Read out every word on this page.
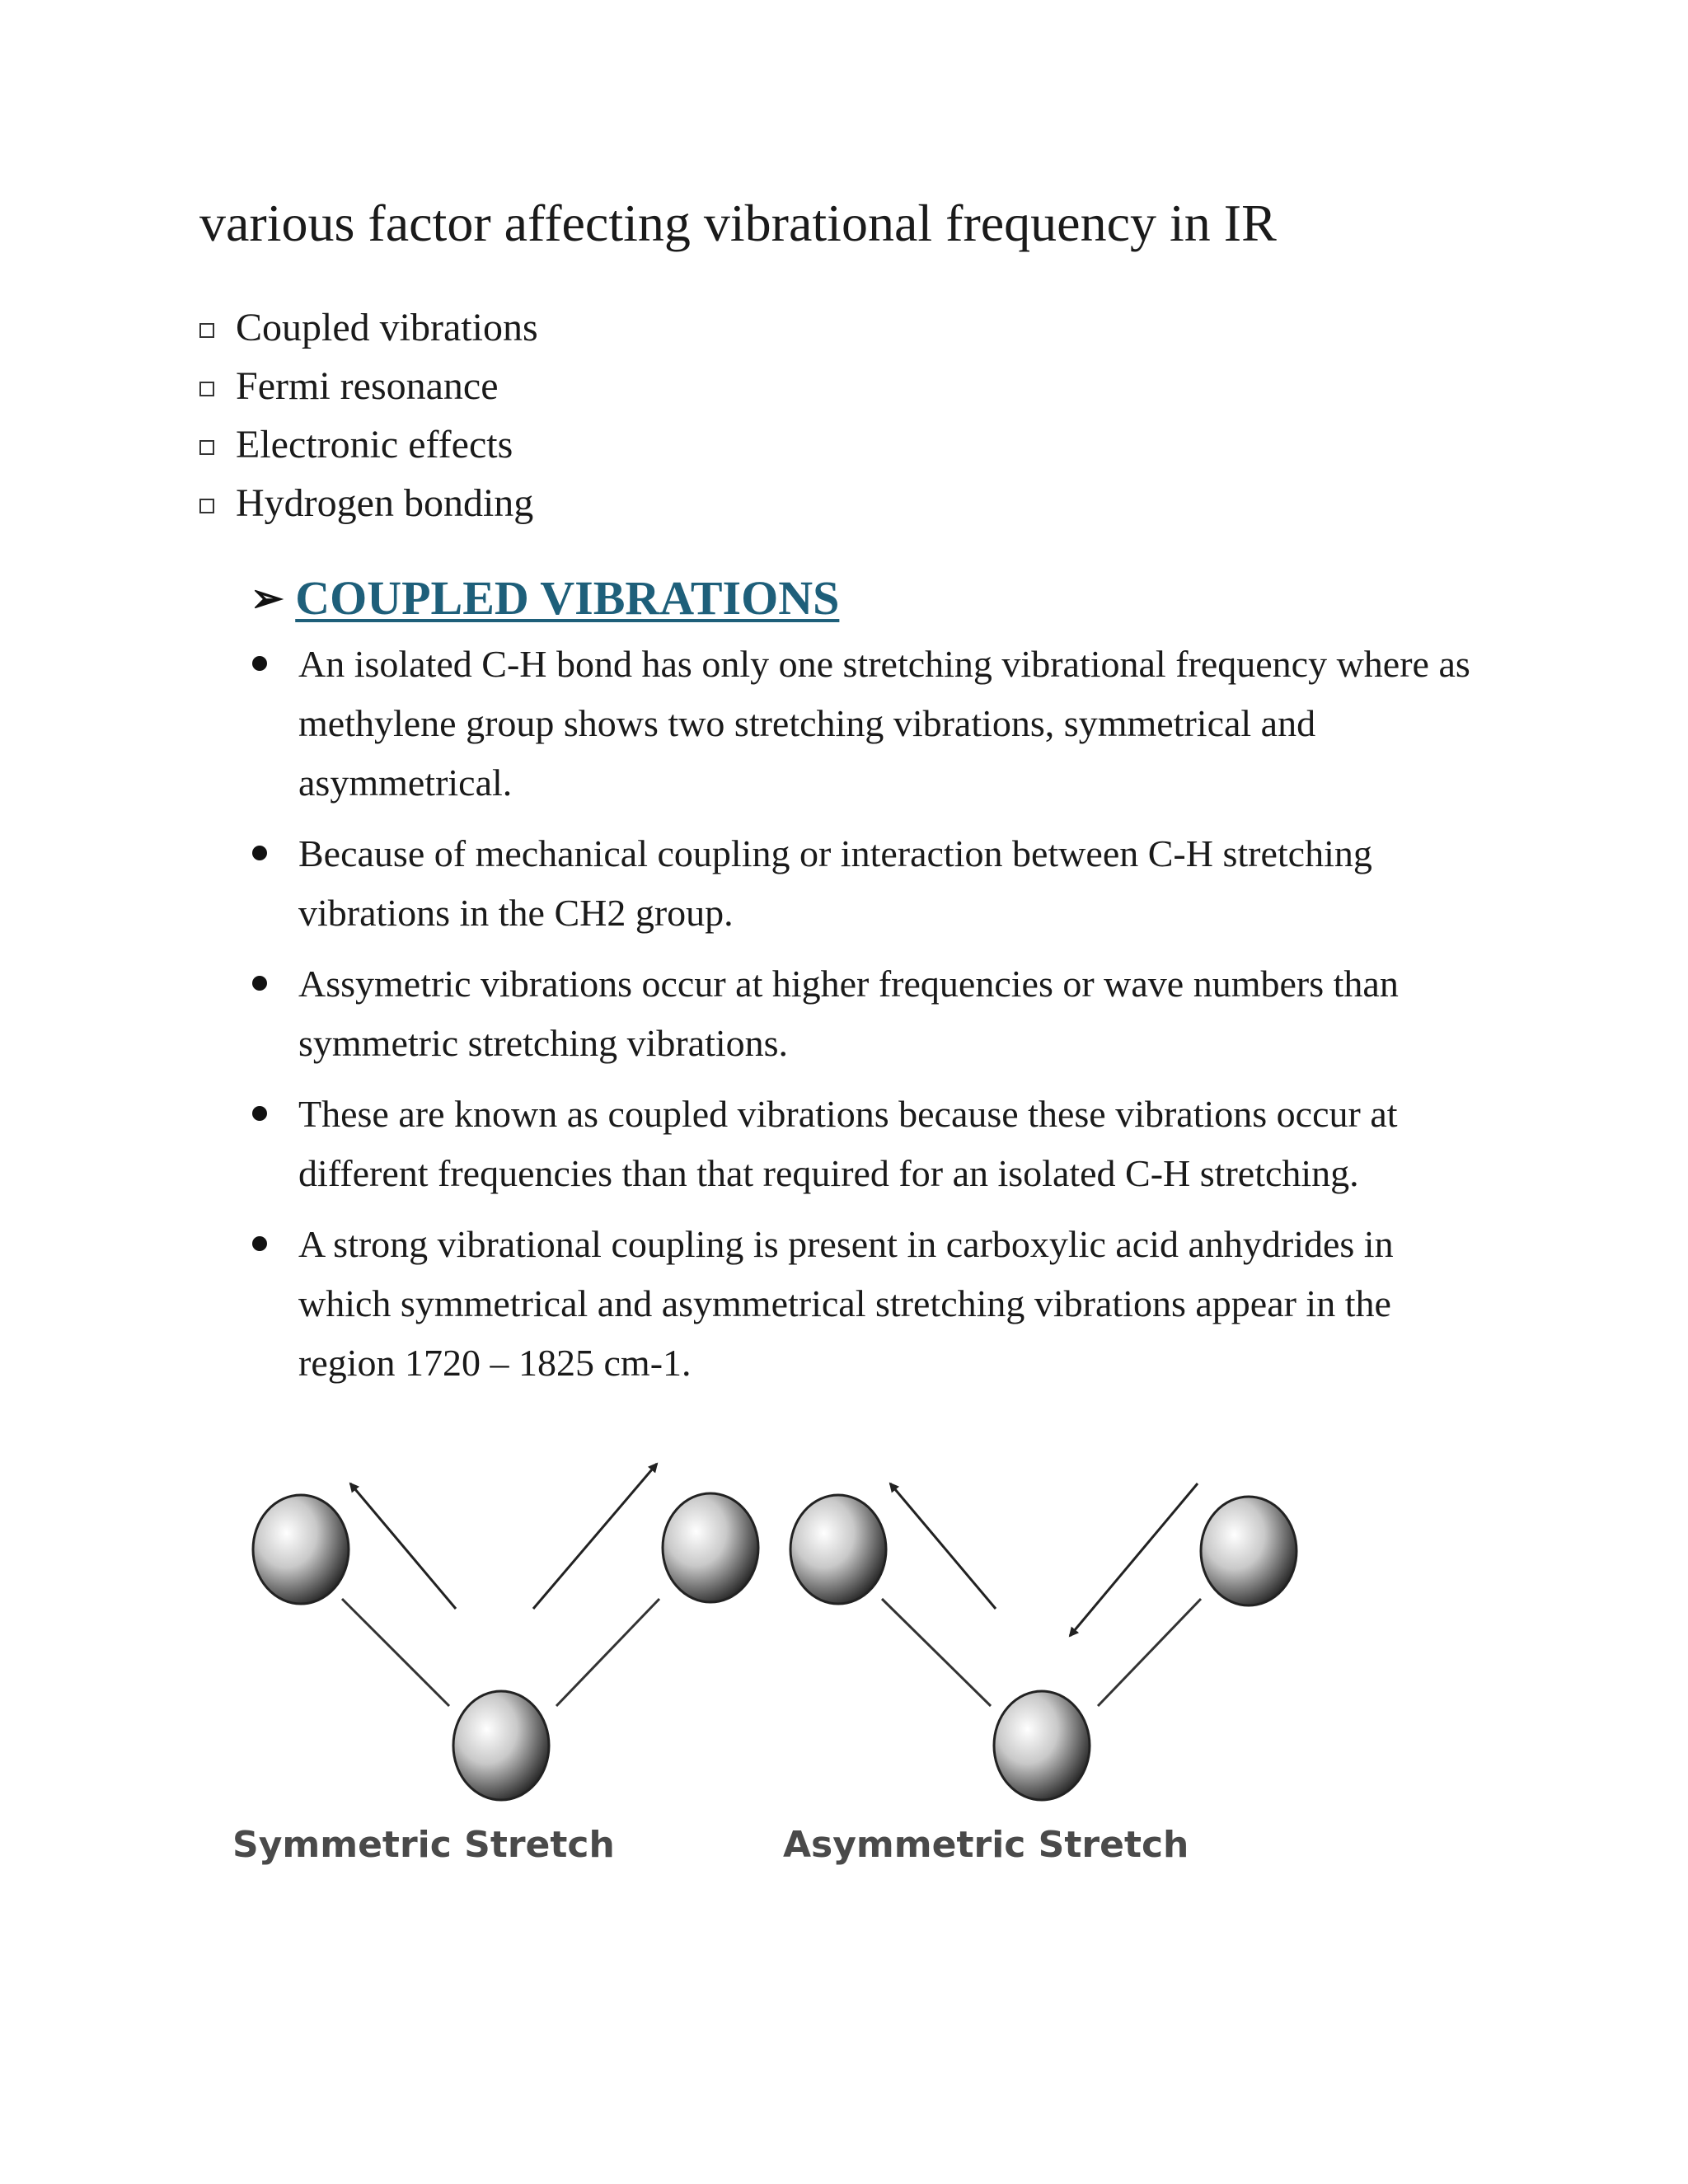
various factor affecting vibrational frequency in IR
Coupled vibrations
Fermi resonance
Electronic effects
Hydrogen bonding
➢ COUPLED VIBRATIONS
An isolated C-H bond has only one stretching vibrational frequency where as methylene group shows two stretching vibrations, symmetrical and asymmetrical.
Because of mechanical coupling or interaction between C-H stretching vibrations in the CH2 group.
Assymetric vibrations occur at higher frequencies or wave numbers than symmetric stretching vibrations.
These are known as coupled vibrations because these vibrations occur at different frequencies than that required for an isolated C-H stretching.
A strong vibrational coupling is present in carboxylic acid anhydrides in which symmetrical and asymmetrical stretching vibrations appear in the region 1720 – 1825 cm-1.
Symmetric Stretch	Asymmetric Stretch
